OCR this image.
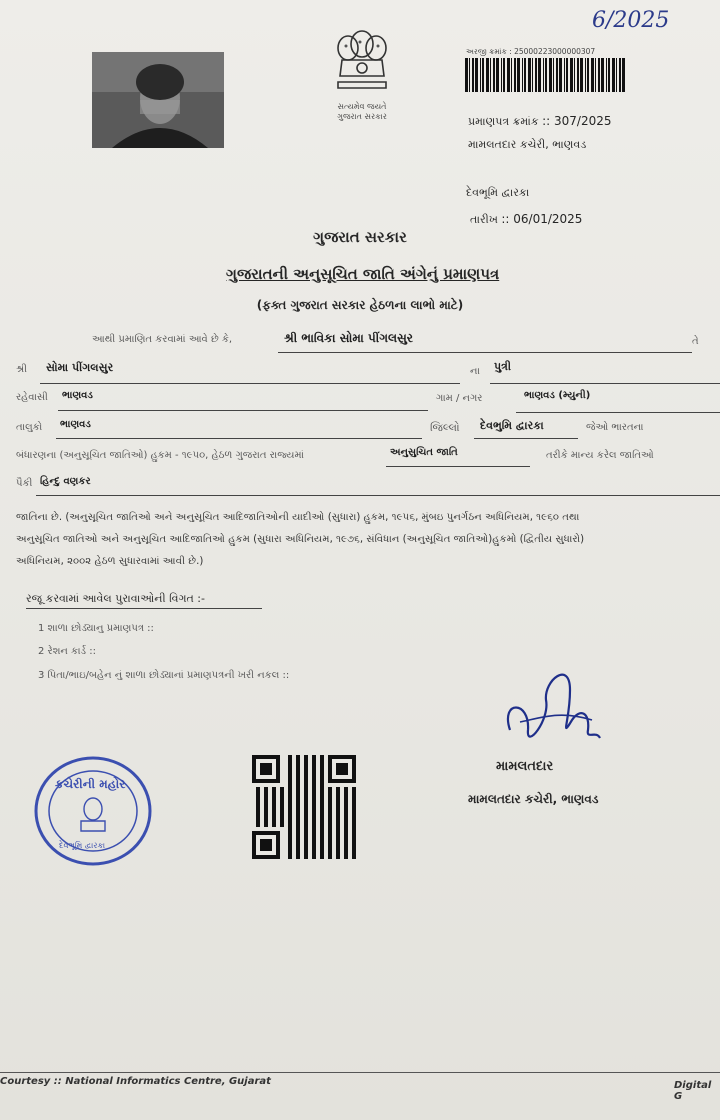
6/2025
સત્યમેવ જયતે
ગુજરાત સરકાર
અરજી ક્રમાંક : 25000223000000307
પ્રમાણપત્ર ક્રમાંક :: 307/2025
મામલતદાર કચેરી, ભાણવડ
દેવભૂમિ દ્વારકા
તારીખ :: 06/01/2025
ગુજરાત સરકાર
ગુજરાતની અનુસૂચિત જાતિ અંગેનું પ્રમાણપત્ર
(ફક્ત ગુજરાત સરકાર હેઠળના લાભો માટે)
આથી પ્રમાણિત કરવામાં આવે છે કે,	શ્રી ભાવિકા સોમા પીંગલસુર	તે
શ્રી સોમા પીંગલસુર	ના પુત્રી
રહેવાસી ભાણવડ	ગામ / નગર	ભાણવડ (મ્યુની)
તાલુકો ભાણવડ	જિલ્લો દેવભુમિ દ્વારકા	જેઓ ભારતના
બંધારણના (અનુસૂચિત જાતિઓ) હુકમ - ૧૯૫૦, હેઠળ ગુજરાત રાજ્યમાં	અનુસુચિત જાતિ	તરીકે માન્ય કરેલ જાતિઓ
પૈકી હિન્દુ વણકર
જાતિના છે. (અનુસૂચિત જાતિઓ અને અનુસૂચિત આદિજાતિઓની યાદીઓ (સુધારા) હુકમ, ૧૯૫૬, મુંબઇ પુનર્ગઠન અધિનિયમ, ૧૯૬૦ તથા
અનુસૂચિત જાતિઓ અને અનુસૂચિત આદિજાતિઓ હુકમ (સુધારા અધિનિયમ, ૧૯૭૬, સંવિધાન (અનુસૂચિત જાતિઓ)હુકમો (દ્વિતીય સુધારો)
અધિનિયમ, ૨૦૦૨ હેઠળ સુધારવામાં આવી છે.)
રજૂ કરવામાં આવેલ પુરાવાઓની વિગત :-
1 શાળા છોડ્યાનુ પ્રમાણપત્ર ::
2 રેશન કાર્ડ ::
3 પિતા/ભાઇ/બહેન નું શાળા છોડ્યાનાં પ્રમાણપત્રની ખરી નકલ ::
મામલતદાર
મામલતદાર કચેરી, ભાણવડ
કચેરીની મહોર
દેવભૂમિ દ્વારકા
Courtesy :: National Informatics Centre, Gujarat	Digital G
